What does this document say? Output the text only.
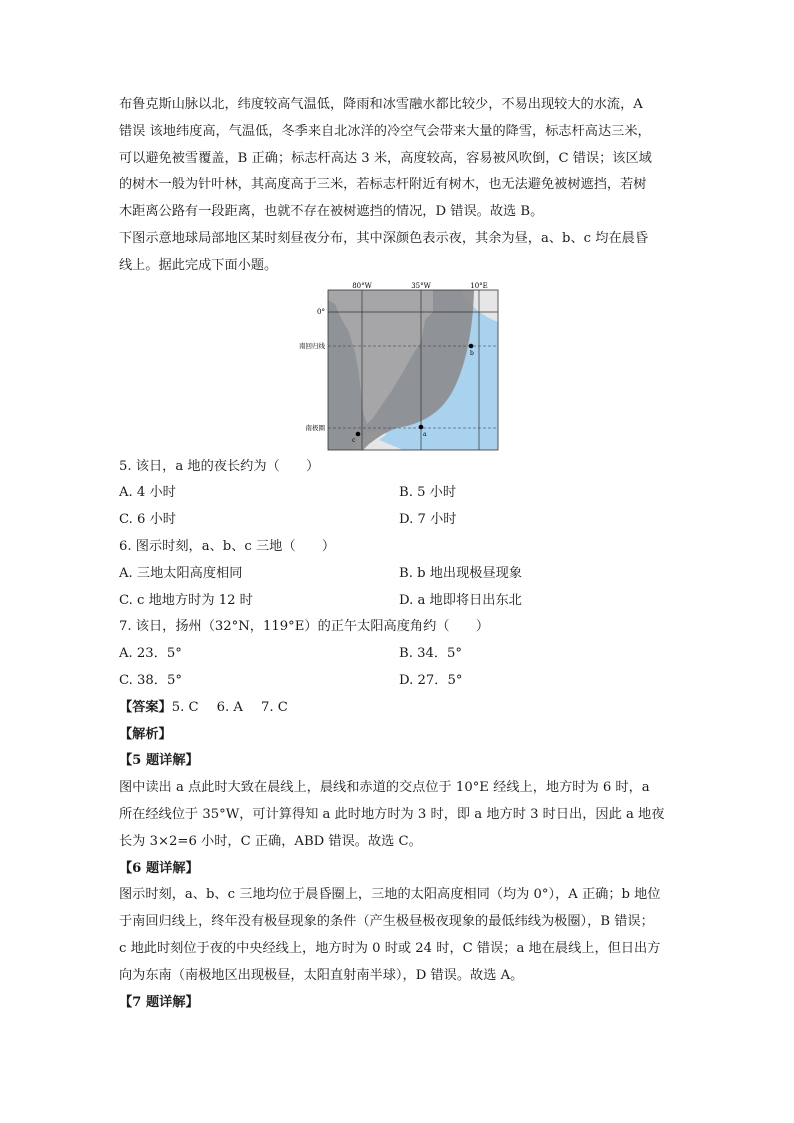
布鲁克斯山脉以北，纬度较高气温低，降雨和冰雪融水都比较少，不易出现较大的水流，A
错误 该地纬度高，气温低，冬季来自北冰洋的冷空气会带来大量的降雪，标志杆高达三米，
可以避免被雪覆盖，B 正确；标志杆高达 3 米，高度较高，容易被风吹倒，C 错误；该区域
的树木一般为针叶林，其高度高于三米，若标志杆附近有树木，也无法避免被树遮挡，若树
木距离公路有一段距离，也就不存在被树遮挡的情况，D 错误。故选 B。
下图示意地球局部地区某时刻昼夜分布，其中深颜色表示夜，其余为昼，a、b、c 均在晨昏
线上。据此完成下面小题。
80°W	35°W	10°E
0°
南回归线
南极圈
a
b
c
5. 该日，a 地的夜长约为（　　）
A. 4 小时	B. 5 小时
C. 6 小时	D. 7 小时
6. 图示时刻，a、b、c 三地（　　）
A. 三地太阳高度相同	B. b 地出现极昼现象
C. c 地地方时为 12 时	D. a 地即将日出东北
7. 该日，扬州（32°N，119°E）的正午太阳高度角约（　　）
A. 23．5°	B. 34．5°
C. 38．5°	D. 27．5°
【答案】5. C 6. A 7. C
【解析】
【5 题详解】
图中读出 a 点此时大致在晨线上，晨线和赤道的交点位于 10°E 经线上，地方时为 6 时，a
所在经线位于 35°W，可计算得知 a 此时地方时为 3 时，即 a 地方时 3 时日出，因此 a 地夜
长为 3×2=6 小时，C 正确，ABD 错误。故选 C。
【6 题详解】
图示时刻，a、b、c 三地均位于晨昏圈上，三地的太阳高度相同（均为 0°），A 正确；b 地位
于南回归线上，终年没有极昼现象的条件（产生极昼极夜现象的最低纬线为极圈），B 错误；
c 地此时刻位于夜的中央经线上，地方时为 0 时或 24 时，C 错误；a 地在晨线上，但日出方
向为东南（南极地区出现极昼，太阳直射南半球），D 错误。故选 A。
【7 题详解】
